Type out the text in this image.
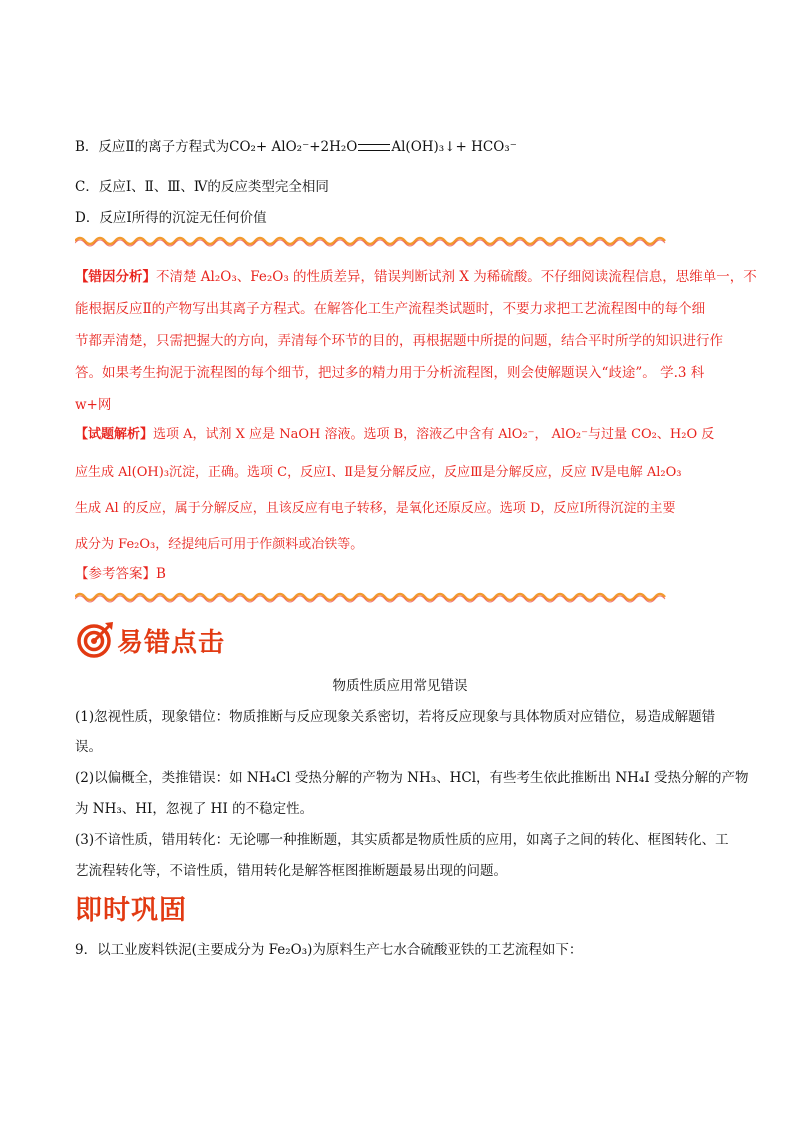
B．反应Ⅱ的离子方程式为CO₂+ AlO₂⁻+2H₂O	Al(OH)₃↓+ HCO₃⁻
C．反应Ⅰ、Ⅱ、Ⅲ、Ⅳ的反应类型完全相同
D．反应Ⅰ所得的沉淀无任何价值
【错因分析】不清楚 Al₂O₃、Fe₂O₃ 的性质差异，错误判断试剂 X 为稀硫酸。不仔细阅读流程信息，思维单一，不
能根据反应Ⅱ的产物写出其离子方程式。在解答化工生产流程类试题时，不要力求把工艺流程图中的每个细
节都弄清楚，只需把握大的方向，弄清每个环节的目的，再根据题中所提的问题，结合平时所学的知识进行作
答。如果考生拘泥于流程图的每个细节，把过多的精力用于分析流程图，则会使解题误入“歧途”。 学.3 科
w+网
【试题解析】选项 A，试剂 X 应是 NaOH 溶液。选项 B，溶液乙中含有 AlO₂⁻， AlO₂⁻与过量 CO₂、H₂O 反
应生成 Al(OH)₃沉淀，正确。选项 C，反应Ⅰ、Ⅱ是复分解反应，反应Ⅲ是分解反应，反应 Ⅳ是电解 Al₂O₃
生成 Al 的反应，属于分解反应，且该反应有电子转移，是氧化还原反应。选项 D，反应Ⅰ所得沉淀的主要
成分为 Fe₂O₃，经提纯后可用于作颜料或冶铁等。
【参考答案】B
易错点击
物质性质应用常见错误
(1)忽视性质，现象错位：物质推断与反应现象关系密切，若将反应现象与具体物质对应错位，易造成解题错
误。
(2)以偏概全，类推错误：如 NH₄Cl 受热分解的产物为 NH₃、HCl，有些考生依此推断出 NH₄I 受热分解的产物
为 NH₃、HI，忽视了 HI 的不稳定性。
(3)不谙性质，错用转化：无论哪一种推断题，其实质都是物质性质的应用，如离子之间的转化、框图转化、工
艺流程转化等，不谙性质，错用转化是解答框图推断题最易出现的问题。
即时巩固
9．以工业废料铁泥(主要成分为 Fe₂O₃)为原料生产七水合硫酸亚铁的工艺流程如下：
